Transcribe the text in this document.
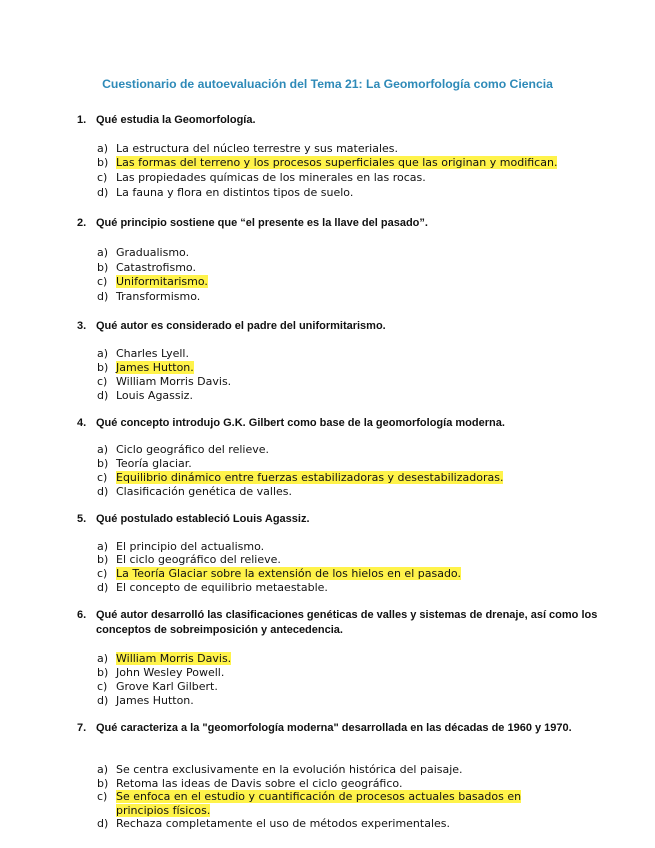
Cuestionario de autoevaluación del Tema 21: La Geomorfología como Ciencia
1. Qué estudia la Geomorfología.
a) La estructura del núcleo terrestre y sus materiales.
b) Las formas del terreno y los procesos superficiales que las originan y modifican.
c) Las propiedades químicas de los minerales en las rocas.
d) La fauna y flora en distintos tipos de suelo.
2. Qué principio sostiene que “el presente es la llave del pasado”.
a) Gradualismo.
b) Catastrofismo.
c) Uniformitarismo.
d) Transformismo.
3. Qué autor es considerado el padre del uniformitarismo.
a) Charles Lyell.
b) James Hutton.
c) William Morris Davis.
d) Louis Agassiz.
4. Qué concepto introdujo G.K. Gilbert como base de la geomorfología moderna.
a) Ciclo geográfico del relieve.
b) Teoría glaciar.
c) Equilibrio dinámico entre fuerzas estabilizadoras y desestabilizadoras.
d) Clasificación genética de valles.
5. Qué postulado estableció Louis Agassiz.
a) El principio del actualismo.
b) El ciclo geográfico del relieve.
c) La Teoría Glaciar sobre la extensión de los hielos en el pasado.
d) El concepto de equilibrio metaestable.
6. Qué autor desarrolló las clasificaciones genéticas de valles y sistemas de drenaje, así como los conceptos de sobreimposición y antecedencia.
a) William Morris Davis.
b) John Wesley Powell.
c) Grove Karl Gilbert.
d) James Hutton.
7. Qué caracteriza a la "geomorfología moderna" desarrollada en las décadas de 1960 y 1970.
a) Se centra exclusivamente en la evolución histórica del paisaje.
b) Retoma las ideas de Davis sobre el ciclo geográfico.
c) Se enfoca en el estudio y cuantificación de procesos actuales basados en principios físicos.
d) Rechaza completamente el uso de métodos experimentales.
